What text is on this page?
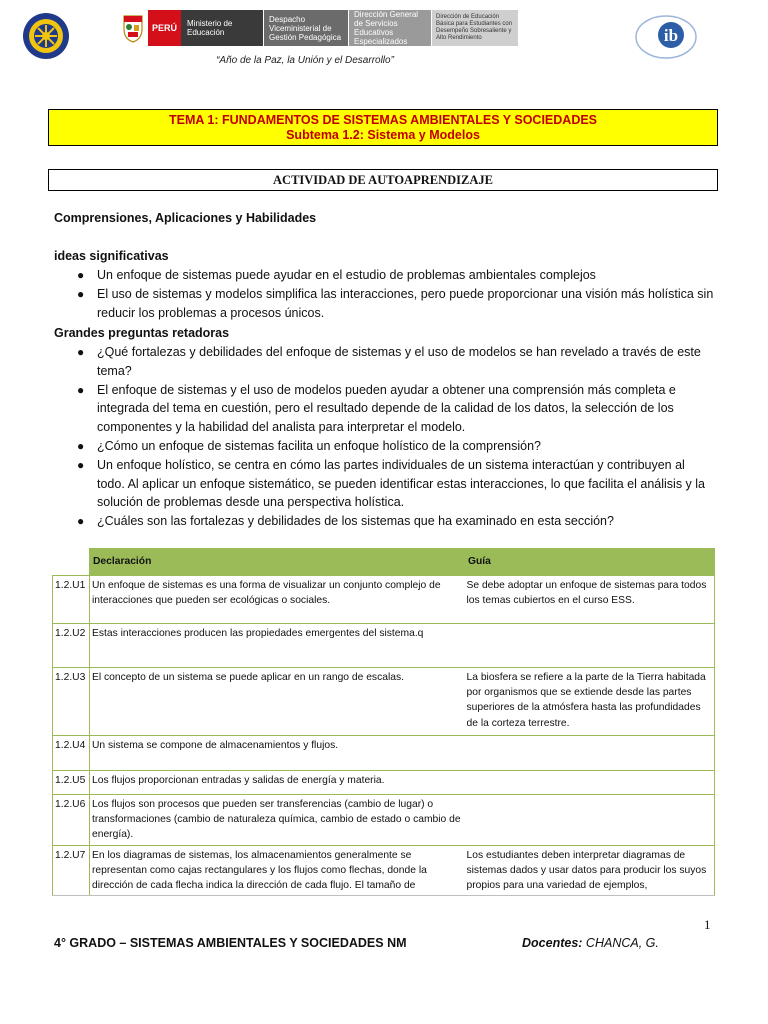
PERÚ	Ministerio de Educación
Despacho Viceministerial de Gestión Pedagógica
Dirección General de Servicios Educativos Especializados
Dirección de Educación Básica para Estudiantes con Desempeño Sobresaliente y Alto Rendimiento	ib
“Año de la Paz, la Unión y el Desarrollo”
TEMA 1: FUNDAMENTOS DE SISTEMAS AMBIENTALES Y SOCIEDADES
Subtema 1.2: Sistema y Modelos
ACTIVIDAD DE AUTOAPRENDIZAJE
Comprensiones, Aplicaciones y Habilidades
ideas significativas
● Un enfoque de sistemas puede ayudar en el estudio de problemas ambientales complejos
● El uso de sistemas y modelos simplifica las interacciones, pero puede proporcionar una visión más holística sin reducir los problemas a procesos únicos.
Grandes preguntas retadoras
● ¿Qué fortalezas y debilidades del enfoque de sistemas y el uso de modelos se han revelado a través de este tema?
● El enfoque de sistemas y el uso de modelos pueden ayudar a obtener una comprensión más completa e integrada del tema en cuestión, pero el resultado depende de la calidad de los datos, la selección de los componentes y la habilidad del analista para interpretar el modelo.
● ¿Cómo un enfoque de sistemas facilita un enfoque holístico de la comprensión?
● Un enfoque holístico, se centra en cómo las partes individuales de un sistema interactúan y contribuyen al todo. Al aplicar un enfoque sistemático, se pueden identificar estas interacciones, lo que facilita el análisis y la solución de problemas desde una perspectiva holística.
● ¿Cuáles son las fortalezas y debilidades de los sistemas que ha examinado en esta sección?
	Declaración	Guía
1.2.U1	Un enfoque de sistemas es una forma de visualizar un conjunto complejo de interacciones que pueden ser ecológicas o sociales.	Se debe adoptar un enfoque de sistemas para todos los temas cubiertos en el curso ESS.
1.2.U2	Estas interacciones producen las propiedades emergentes del sistema.q	
1.2.U3	El concepto de un sistema se puede aplicar en un rango de escalas.	La biosfera se refiere a la parte de la Tierra habitada por organismos que se extiende desde las partes superiores de la atmósfera hasta las profundidades de la corteza terrestre.
1.2.U4	Un sistema se compone de almacenamientos y flujos.	
1.2.U5	Los flujos proporcionan entradas y salidas de energía y materia.	
1.2.U6	Los flujos son procesos que pueden ser transferencias (cambio de lugar) o transformaciones (cambio de naturaleza química, cambio de estado o cambio de energía).	
1.2.U7	En los diagramas de sistemas, los almacenamientos generalmente se representan como cajas rectangulares y los flujos como flechas, donde la dirección de cada flecha indica la dirección de cada flujo. El tamaño de	Los estudiantes deben interpretar diagramas de sistemas dados y usar datos para producir los suyos propios para una variedad de ejemplos,
1
4° GRADO – SISTEMAS AMBIENTALES Y SOCIEDADES NM	Docentes: CHANCA, G.
